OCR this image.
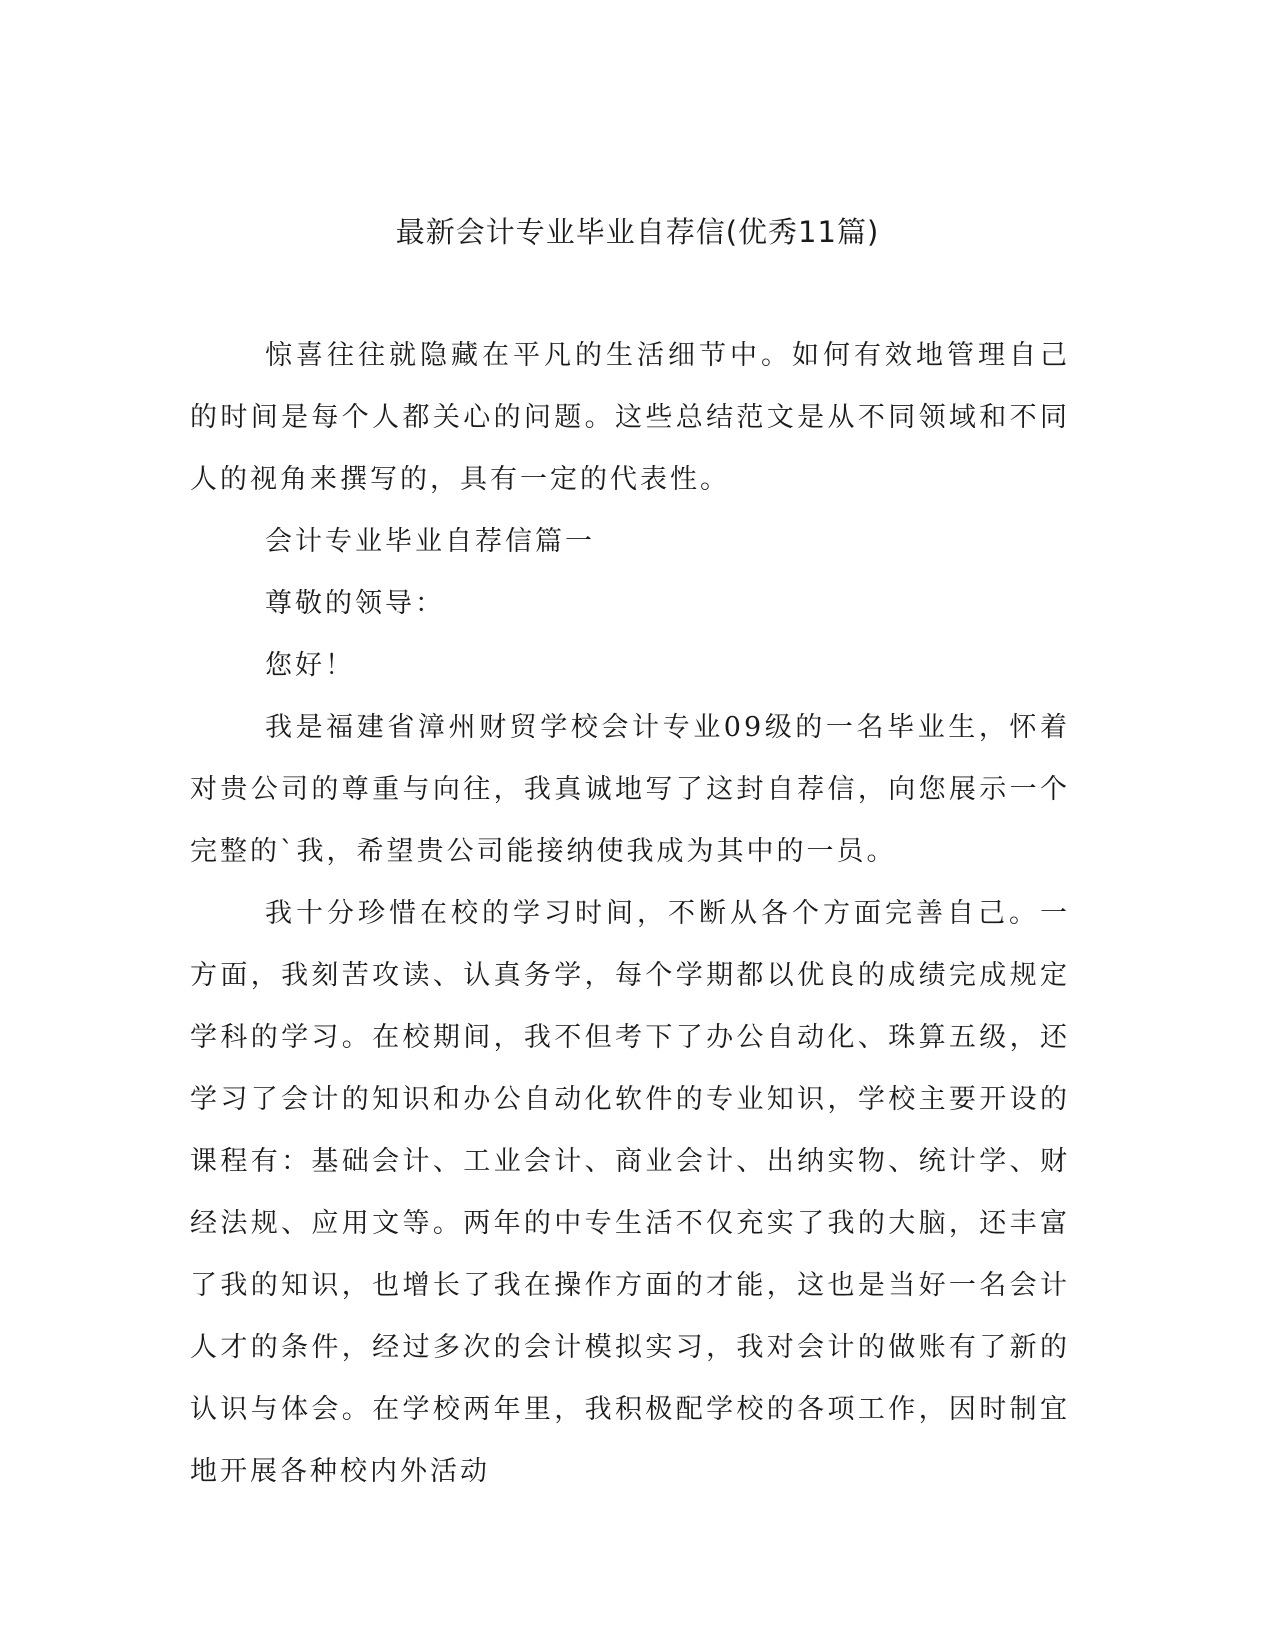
最新会计专业毕业自荐信(优秀11篇)

惊喜往往就隐藏在平凡的生活细节中。如何有效地管理自己的时间是每个人都关心的问题。这些总结范文是从不同领域和不同人的视角来撰写的，具有一定的代表性。

会计专业毕业自荐信篇一

尊敬的领导：

您好！

我是福建省漳州财贸学校会计专业09级的一名毕业生，怀着对贵公司的尊重与向往，我真诚地写了这封自荐信，向您展示一个完整的`我，希望贵公司能接纳使我成为其中的一员。

我十分珍惜在校的学习时间，不断从各个方面完善自己。一方面，我刻苦攻读、认真务学，每个学期都以优良的成绩完成规定学科的学习。在校期间，我不但考下了办公自动化、珠算五级，还学习了会计的知识和办公自动化软件的专业知识，学校主要开设的课程有：基础会计、工业会计、商业会计、出纳实物、统计学、财经法规、应用文等。两年的中专生活不仅充实了我的大脑，还丰富了我的知识，也增长了我在操作方面的才能，这也是当好一名会计人才的条件，经过多次的会计模拟实习，我对会计的做账有了新的认识与体会。在学校两年里，我积极配学校的各项工作，因时制宜地开展各种校内外活动
